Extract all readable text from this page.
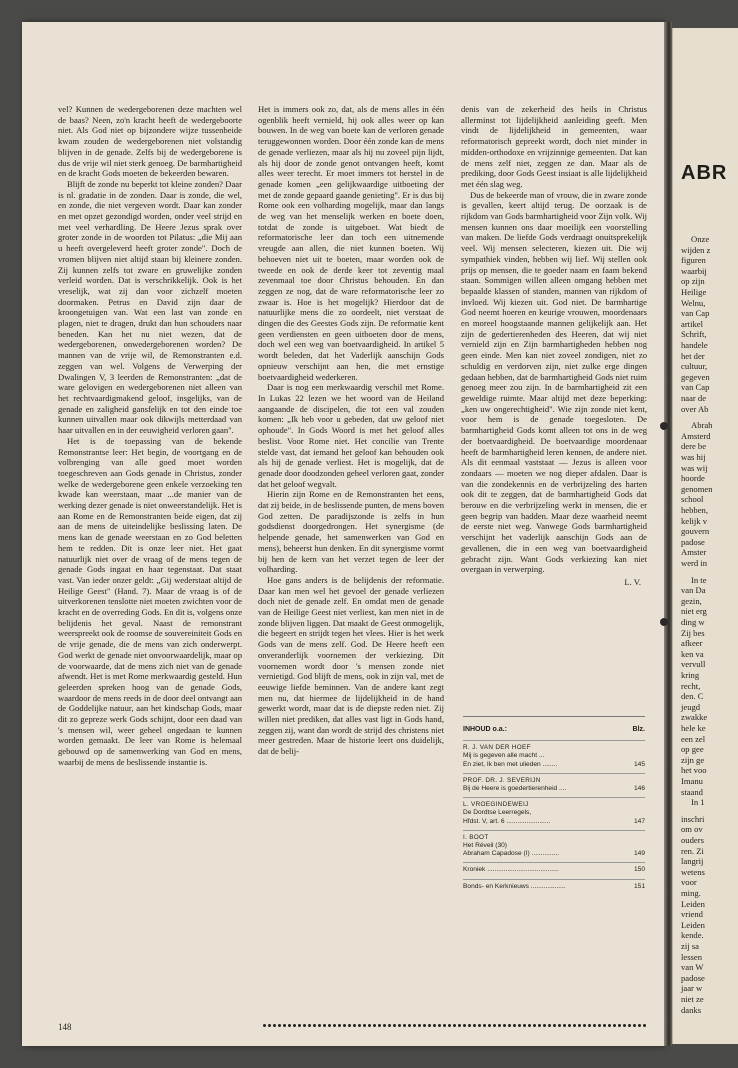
vel? Kunnen de wedergeborenen deze machten wel de baas? Neen, zo'n kracht heeft de wedergeboorte niet. Als God niet op bijzondere wijze tussenbeide kwam zouden de wedergeborenen niet volstandig blijven in de genade. Zelfs bij de wedergeborene is dus de vrije wil niet sterk genoeg. De barmhartigheid en de kracht Gods moeten de bekeerden bewaren.

Blijft de zonde nu beperkt tot kleine zonden? Daar is nl. gradatie in de zonden. Daar is zonde, die wel, en zonde, die niet vergeven wordt. Daar kan zonder en met opzet gezondigd worden, onder veel strijd en met veel verhardling. De Heere Jezus sprak over groter zonde in de woorden tot Pilatus: „die Mij aan u heeft overgeleverd heeft groter zonde". Doch de vromen blijven niet altijd staan bij kleinere zonden. Zij kunnen zelfs tot zware en gruwelijke zonden verleid worden. Dat is verschrikkelijk. Ook is het vreselijk, wat zij dan voor zichzelf moeten doormaken. Petrus en David zijn daar de kroongetuigen van. Wat een last van zonde en plagen, niet te dragen, drukt dan hun schouders naar beneden. Kan het nu niet wezen, dat de wedergeborenen, onwedergeborenen worden? De mannen van de vrije wil, de Remonstranten e.d. zeggen van wel. Volgens de Verwerping der Dwalingen V, 3 leerden de Remonstranten: „dat de ware gelovigen en wedergeborenen niet alleen van het rechtvaardigmakend geloof, insgelijks, van de genade en zaligheid gansfelijk en tot den einde toe kunnen uitvallen maar ook dikwijls metterdaad van haar uitvallen en in der eeuwigheid verloren gaan".

Het is de toepassing van de bekende Remonstrantse leer: Het begin, de voortgang en de volbrenging van alle goed moet worden toegeschreven aan Gods genade in Christus, zonder welke de wedergeborene geen enkele verzoeking ten kwade kan weerstaan, maar ...de manier van de werking dezer genade is niet onweerstandelijk. Het is aan Rome en de Remonstranten beide eigen, dat zij aan de mens de uiteindelijke beslissing laten. De mens kan de genade weerstaan en zo God beletten hem te redden. Dit is onze leer niet. Het gaat natuurlijk niet over de vraag of de mens tegen de genade Gods ingaat en haar tegenstaat. Dat staat vast. Van ieder onzer geldt: „Gij wederstaat altijd de Heilige Geest" (Hand. 7). Maar de vraag is of de uitverkorenen tenslotte niet moeten zwichten voor de kracht en de overreding Gods. En dit is, volgens onze belijdenis het geval. Naast de remonstrant weerspreekt ook de roomse de souvereiniteit Gods en de vrije genade, die de mens van zich onderwerpt. God werkt de genade niet onvoorwaardelijk, maar op de voorwaarde, dat de mens zich niet van de genade afwendt. Het is met Rome merkwaardig gesteld. Hun geleerden spreken hoog van de genade Gods, waardoor de mens reeds in de door deel ontvangt aan de Goddelijke natuur, aan het kindschap Gods, maar dit zo gepreze werk Gods schijnt, door een daad van 's mensen wil, weer geheel ongedaan te kunnen worden gemaakt. De leer van Rome is helemaal gebouwd op de samenwerking van God en mens, waarbij de mens de beslissende instantie is.

Het is immers ook zo, dat, als de mens alles in één ogenblik heeft vernield, hij ook alles weer op kan bouwen. In de weg van boete kan de verloren genade teruggewonnen worden. Door één zonde kan de mens de genade verliezen, maar als hij nu zoveel pijn lijdt, als hij door de zonde genot ontvangen heeft, komt alles weer terecht. Er moet immers tot herstel in de genade komen „een gelijkwaardige uitboeting der met de zonde gepaard gaande genieting". Er is dus bij Rome ook een volharding mogelijk, maar dan langs de weg van het menselijk werken en boete doen, totdat de zonde is uitgeboet. Wat biedt de reformatorische leer dan toch een uitnemende vreugde aan allen, die niet kunnen boeten. Wij behoeven niet uit te boeten, maar worden ook de tweede en ook de derde keer tot zeventig maal zevenmaal toe door Christus behouden. En dan zeggen ze nog, dat de ware reformatorische leer zo zwaar is. Hoe is het mogelijk? Hierdoor dat de natuurlijke mens die zo oordeelt, niet verstaat de dingen die des Geestes Gods zijn. De reformatie kent geen verdiensten en geen uitboeten door de mens, doch wel een weg van boetvaardigheid. In artikel 5 wordt beleden, dat het Vaderlijk aanschijn Gods opnieuw verschijnt aan hen, die met ernstige boetvaardigheid wederkeren.

Daar is nog een merkwaardig verschil met Rome. In Lukas 22 lezen we het woord van de Heiland aangaande de discipelen, die tot een val zouden komen: „Ik heb voor u gebeden, dat uw geloof niet ophoude". In Gods Woord is met het geloof alles beslist. Voor Rome niet. Het concilie van Trente stelde vast, dat iemand het geloof kan behouden ook als hij de genade verliest. Het is mogelijk, dat de genade door doodzonden geheel verloren gaat, zonder dat het geloof wegvalt.

Hierin zijn Rome en de Remonstranten het eens, dat zij beide, in de beslissende punten, de mens boven God zetten. De paradijszonde is zelfs in hun godsdienst doorgedrongen. Het synergisme (de helpende genade, het samenwerken van God en mens), beheerst hun denken. En dit synergisme vormt bij hen de kern van het verzet tegen de leer der volharding.

Hoe gans anders is de belijdenis der reformatie. Daar kan men wel het gevoel der genade verliezen doch niet de genade zelf. En omdat men de genade van de Heilige Geest niet verliest, kan men niet in de zonde blijven liggen. Dat maakt de Geest onmogelijk, die begeert en strijdt tegen het vlees. Hier is het werk Gods van de mens zelf. God. De Heere heeft een onveranderlijk voornemen der verkiezing. Dit voornemen wordt door 's mensen zonde niet vernietigd. God blijft de mens, ook in zijn val, met de eeuwige liefde beminnen. Van de andere kant zegt men nu, dat hiermee de lijdelijkheid in de hand gewerkt wordt, maar dat is de diepste reden niet. Zij willen niet prediken, dat alles vast ligt in Gods hand, zeggen zij, want dan wordt de strijd des christens niet meer gestreden. Maar de historie leert ons duidelijk, dat de belij-

denis van de zekerheid des heils in Christus allerminst tot lijdelijkheid aanleiding geeft. Men vindt de lijdelijkheid in gemeenten, waar reformatorisch gepreekt wordt, doch niet minder in midden-orthodoxe en vrijzinnige gemeenten. Dat kan de mens zelf niet, zeggen ze dan. Maar als de prediking, door Gods Geest insiaat is alle lijdelijkheid met één slag weg.

Dus de bekeerde man of vrouw, die in zware zonde is gevallen, keert altijd terug. De oorzaak is de rijkdom van Gods barmhartigheid voor Zijn volk. Wij mensen kunnen ons daar moeilijk een voorstelling van maken. De liefde Gods verdraagt onuitsprekelijk veel. Wij mensen selecteren, kiezen uit. Die wij sympathiek vinden, hebben wij lief. Wij stellen ook prijs op mensen, die te goeder naam en faam bekend staan. Sommigen willen alleen omgang hebben met bepaalde klassen of standen, mannen van rijkdom of invloed. Wij kiezen uit. God niet. De barmhartige God neemt hoeren en keurige vrouwen, moordenaars en moreel hoogstaande mannen gelijkelijk aan. Het zijn de gedertierenheden des Heeren, dat wij niet vernield zijn en Zijn barmhartigheden hebben nog geen einde. Men kan niet zoveel zondigen, niet zo schuldig en verdorven zijn, niet zulke erge dingen gedaan hebben, dat de barmhartigheid Gods niet ruim genoeg meer zou zijn. In de barmhartigheid zit een geweldige ruimte. Maar altijd met deze beperking: „ken uw ongerechtigheid". Wie zijn zonde niet kent, voor hem is de genade toegesloten. De barmhartigheid Gods komt alleen tot ons in de weg der boetvaardigheid. De boetvaardige moordenaar heeft de barmhartigheid leren kennen, de andere niet. Als dit eenmaal vaststaat — Jezus is alleen voor zondaars — moeten we nog dieper afdalen. Daar is van die zondekennis en de verbrijzeling des harten ook dit te zeggen, dat de barmhartigheid Gods dat berouw en die verbrijzeling werkt in mensen, die er geen begrip van hadden. Maar deze waarheid neemt de eerste niet weg. Vanwege Gods barmhartigheid verschijnt het vaderlijk aanschijn Gods aan de gevallenen, die in een weg van boetvaardigheid gebracht zijn. Want Gods verkiezing kan niet overgaan in verwerping.

L. V.

INHOUD o.a.:	Blz.
R. J. VAN DER HOEF
Mij is gegeven alle macht ...
En ziet, Ik ben met ulieden ........	145
PROF. DR. J. SEVERIJN
Bij de Heere is goedertierenheid ....	146
L. VROEGINDEWEIJ
De Dordtse Leerregels,
Hfdst. V, art. 6 ........................	147
I. BOOT
Het Réveil (30)
Abraham Capadose (I) ...............	149
Kroniek .......................................	150
Bonds- en Kerknieuws ...................	151
148
ABR
Onze
wijden z
figuren
waarbij
op zijn
Heilige
Welnu,
van Cap
artikel
Schrift,
handele
het der
cultuur,
gegeven
van Cap
naar de
over Ab
Abrah
Amsterd
dere be
was hij
was wij
hoorde
genomen
school
hebben,
kelijk v
gouvern
padose
Amster
werd in
In te
van Da
gezin,
niet erg
ding w
Zij bes
afkeer
ken va
vervull
kring
recht,
den. C
jeugd
zwakke
hele ke
een zel
op gee
zijn ge
het voo
Imanu
staand
In 1
inschri
om ov
ouders
ren. Zi
langrij
wetens
voor
ming.
Leiden
vriend
Leiden
kende.
zij sa
lessen
van W
padose
jaar w
niet ze
danks
